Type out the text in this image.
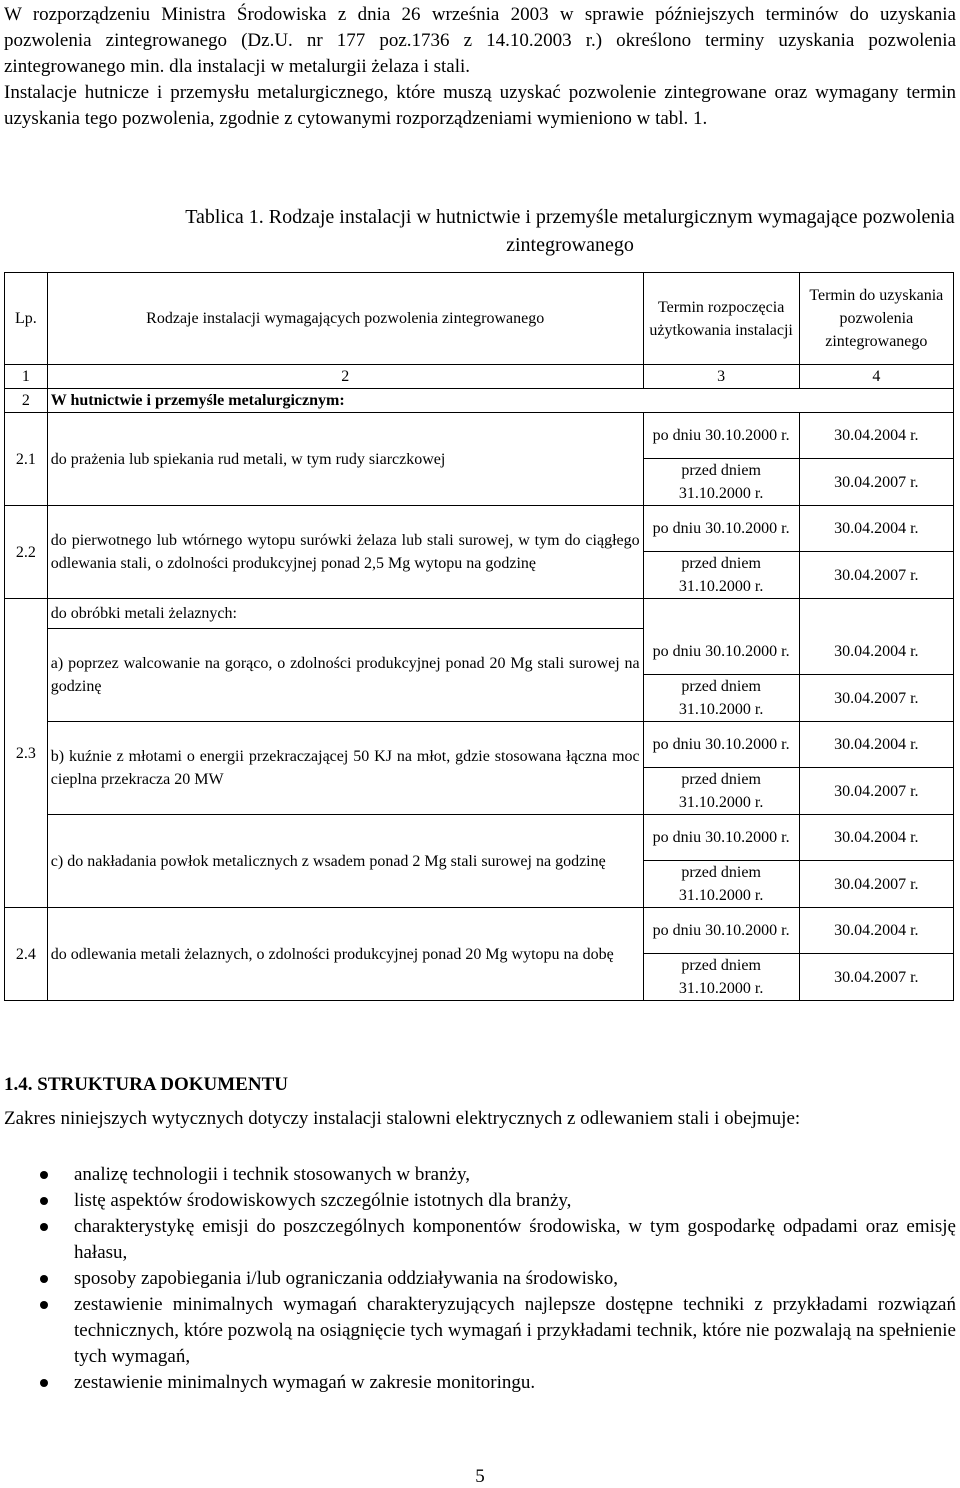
W rozporządzeniu Ministra Środowiska z dnia 26 września 2003 w sprawie późniejszych terminów do uzyskania pozwolenia zintegrowanego (Dz.U. nr 177 poz.1736 z 14.10.2003 r.) określono terminy uzyskania pozwolenia zintegrowanego min. dla instalacji w metalurgii żelaza i stali.

Instalacje hutnicze i przemysłu metalurgicznego, które muszą uzyskać pozwolenie zintegrowane oraz wymagany termin uzyskania tego pozwolenia, zgodnie z cytowanymi rozporządzeniami wymieniono w tabl. 1.

Tablica 1. Rodzaje instalacji w hutnictwie i przemyśle metalurgicznym wymagające pozwolenia zintegrowanego
Lp.	Rodzaje instalacji wymagających pozwolenia zintegrowanego	Termin rozpoczęcia użytkowania instalacji	Termin do uzyskania pozwolenia zintegrowanego
1	2	3	4
2	W hutnictwie i przemyśle metalurgicznym:		
2.1	do prażenia lub spiekania rud metali, w tym rudy siarczkowej	po dniu 30.10.2000 r.	30.04.2004 r.
		przed dniem 31.10.2000 r.	30.04.2007 r.
2.2	do pierwotnego lub wtórnego wytopu surówki żelaza lub stali surowej, w tym do ciągłego odlewania stali, o zdolności produkcyjnej ponad 2,5 Mg wytopu na godzinę	po dniu 30.10.2000 r.	30.04.2004 r.
		przed dniem 31.10.2000 r.	30.04.2007 r.
2.3	do obróbki metali żelaznych:		
	a) poprzez walcowanie na gorąco, o zdolności produkcyjnej ponad 20 Mg stali surowej na godzinę	po dniu 30.10.2000 r.	30.04.2004 r.
		przed dniem 31.10.2000 r.	30.04.2007 r.
	b) kuźnie z młotami o energii przekraczającej 50 KJ na młot, gdzie stosowana łączna moc cieplna przekracza 20 MW	po dniu 30.10.2000 r.	30.04.2004 r.
		przed dniem 31.10.2000 r.	30.04.2007 r.
	c) do nakładania powłok metalicznych z wsadem ponad 2 Mg stali surowej na godzinę	po dniu 30.10.2000 r.	30.04.2004 r.
		przed dniem 31.10.2000 r.	30.04.2007 r.
2.4	do odlewania metali żelaznych, o zdolności produkcyjnej ponad 20 Mg wytopu na dobę	po dniu 30.10.2000 r.	30.04.2004 r.
		przed dniem 31.10.2000 r.	30.04.2007 r.
1.4. STRUKTURA DOKUMENTU

Zakres niniejszych wytycznych dotyczy instalacji stalowni elektrycznych z odlewaniem stali i obejmuje:

analizę technologii i technik stosowanych w branży,
listę aspektów środowiskowych szczególnie istotnych dla branży,
charakterystykę emisji do poszczególnych komponentów środowiska, w tym gospodarkę odpadami oraz emisję hałasu,
sposoby zapobiegania i/lub ograniczania oddziaływania na środowisko,
zestawienie minimalnych wymagań charakteryzujących najlepsze dostępne techniki z przykładami rozwiązań technicznych, które pozwolą na osiągnięcie tych wymagań i przykładami technik, które nie pozwalają na spełnienie tych wymagań,
zestawienie minimalnych wymagań w zakresie monitoringu.
5
